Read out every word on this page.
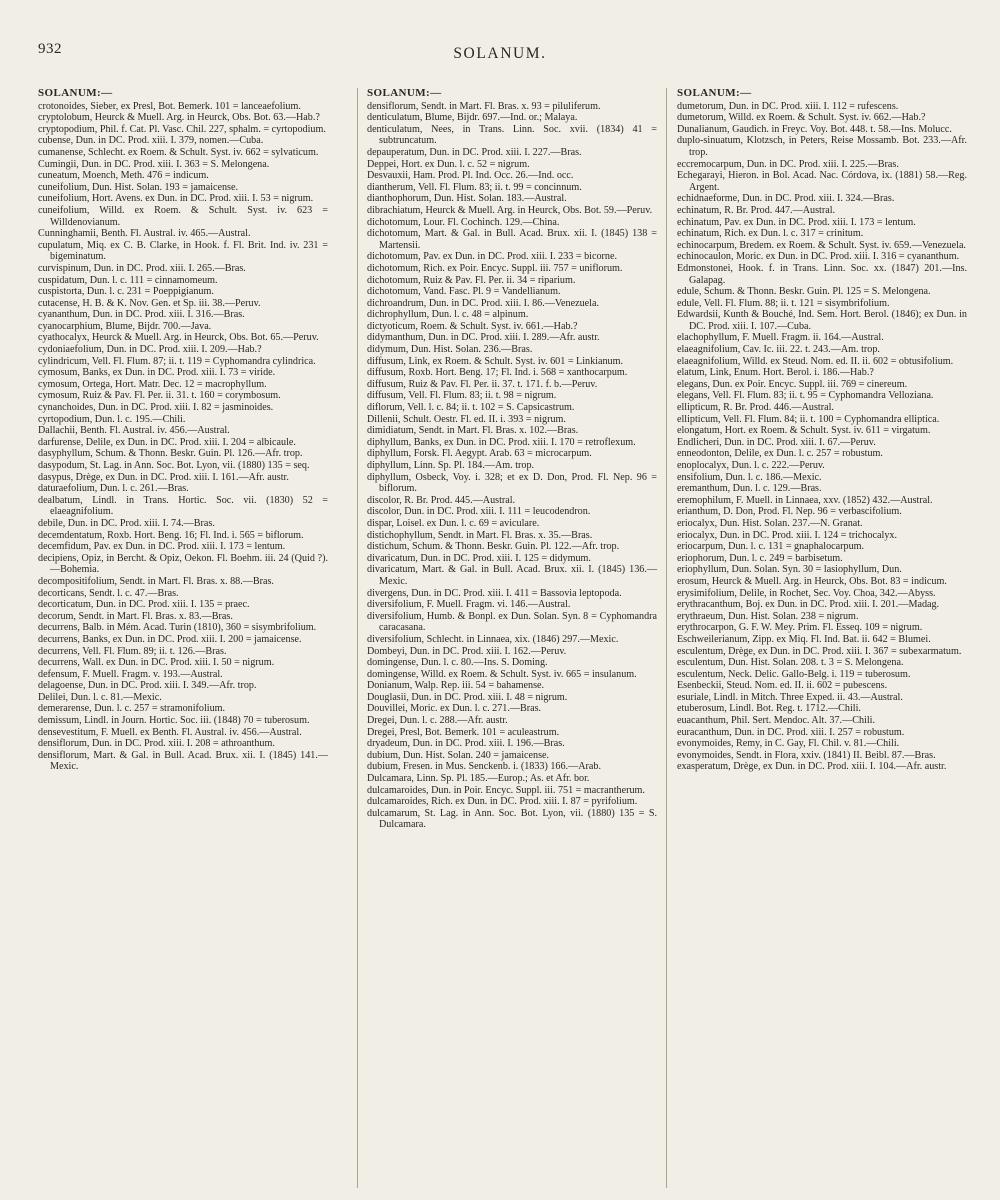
932	SOLANUM.
SOLANUM:—

crotonoides, Sieber, ex Presl, Bot. Bemerk. 101 = lanceaefolium.

cryptolobum, Heurck & Muell. Arg. in Heurck, Obs. Bot. 63.—Hab.?

cryptopodium, Phil. f. Cat. Pl. Vasc. Chil. 227, sphalm. = cyrtopodium.

cubense, Dun. in DC. Prod. xiii. I. 379, nomen.—Cuba.

cumanense, Schlecht. ex Roem. & Schult. Syst. iv. 662 = sylvaticum.

Cumingii, Dun. in DC. Prod. xiii. I. 363 = S. Melongena.

cuneatum, Moench, Meth. 476 = indicum.

cuneifolium, Dun. Hist. Solan. 193 = jamaicense.

cuneifolium, Hort. Avens. ex Dun. in DC. Prod. xiii. I. 53 = nigrum.

cuneifolium, Willd. ex Roem. & Schult. Syst. iv. 623 = Willdenovianum.

Cunninghamii, Benth. Fl. Austral. iv. 465.—Austral.

cupulatum, Miq. ex C. B. Clarke, in Hook. f. Fl. Brit. Ind. iv. 231 = bigeminatum.

curvispinum, Dun. in DC. Prod. xiii. I. 265.—Bras.

cuspidatum, Dun. l. c. 111 = cinnamomeum.

cuspistorta, Dun. l. c. 231 = Poeppigianum.

cutacense, H. B. & K. Nov. Gen. et Sp. iii. 38.—Peruv.

cyananthum, Dun. in DC. Prod. xiii. I. 316.—Bras.

cyanocarphium, Blume, Bijdr. 700.—Java.

cyathocalyx, Heurck & Muell. Arg. in Heurck, Obs. Bot. 65.—Peruv.

cydoniaefolium, Dun. in DC. Prod. xiii. I. 209.—Hab.?

cylindricum, Vell. Fl. Flum. 87; ii. t. 119 = Cyphomandra cylindrica.

cymosum, Banks, ex Dun. in DC. Prod. xiii. I. 73 = viride.

cymosum, Ortega, Hort. Matr. Dec. 12 = macrophyllum.

cymosum, Ruiz & Pav. Fl. Per. ii. 31. t. 160 = corymbosum.

cynanchoides, Dun. in DC. Prod. xiii. I. 82 = jasminoides.

cyrtopodium, Dun. l. c. 195.—Chili.

Dallachii, Benth. Fl. Austral. iv. 456.—Austral.

darfurense, Delile, ex Dun. in DC. Prod. xiii. I. 204 = albicaule.

dasyphyllum, Schum. & Thonn. Beskr. Guin. Pl. 126.—Afr. trop.

dasypodum, St. Lag. in Ann. Soc. Bot. Lyon, vii. (1880) 135 = seq.

dasypus, Drège, ex Dun. in DC. Prod. xiii. I. 161.—Afr. austr.

daturaefolium, Dun. l. c. 261.—Bras.

dealbatum, Lindl. in Trans. Hortic. Soc. vii. (1830) 52 = elaeagnifolium.

debile, Dun. in DC. Prod. xiii. I. 74.—Bras.

decemdentatum, Roxb. Hort. Beng. 16; Fl. Ind. i. 565 = biflorum.

decemfidum, Pav. ex Dun. in DC. Prod. xiii. I. 173 = lentum.

decipiens, Opiz, in Bercht. & Opiz, Oekon. Fl. Boehm. iii. 24 (Quid ?).—Bohemia.

decompositifolium, Sendt. in Mart. Fl. Bras. x. 88.—Bras.

decorticans, Sendt. l. c. 47.—Bras.

decorticatum, Dun. in DC. Prod. xiii. I. 135 = praec.

decorum, Sendt. in Mart. Fl. Bras. x. 83.—Bras.

decurrens, Balb. in Mém. Acad. Turin (1810), 360 = sisymbrifolium.

decurrens, Banks, ex Dun. in DC. Prod. xiii. I. 200 = jamaicense.

decurrens, Vell. Fl. Flum. 89; ii. t. 126.—Bras.

decurrens, Wall. ex Dun. in DC. Prod. xiii. I. 50 = nigrum.

defensum, F. Muell. Fragm. v. 193.—Austral.

delagoense, Dun. in DC. Prod. xiii. I. 349.—Afr. trop.

Delilei, Dun. l. c. 81.—Mexic.

demerarense, Dun. l. c. 257 = stramonifolium.

demissum, Lindl. in Journ. Hortic. Soc. iii. (1848) 70 = tuberosum.

densevestitum, F. Muell. ex Benth. Fl. Austral. iv. 456.—Austral.

densiflorum, Dun. in DC. Prod. xiii. I. 208 = athroanthum.

densiflorum, Mart. & Gal. in Bull. Acad. Brux. xii. I. (1845) 141.—Mexic.

SOLANUM:—

densiflorum, Sendt. in Mart. Fl. Bras. x. 93 = piluliferum.

denticulatum, Blume, Bijdr. 697.—Ind. or.; Malaya.

denticulatum, Nees, in Trans. Linn. Soc. xvii. (1834) 41 = subtruncatum.

depauperatum, Dun. in DC. Prod. xiii. I. 227.—Bras.

Deppei, Hort. ex Dun. l. c. 52 = nigrum.

Desvauxii, Ham. Prod. Pl. Ind. Occ. 26.—Ind. occ.

diantherum, Vell. Fl. Flum. 83; ii. t. 99 = concinnum.

dianthophorum, Dun. Hist. Solan. 183.—Austral.

dibrachiatum, Heurck & Muell. Arg. in Heurck, Obs. Bot. 59.—Peruv.

dichotomum, Lour. Fl. Cochinch. 129.—China.

dichotomum, Mart. & Gal. in Bull. Acad. Brux. xii. I. (1845) 138 = Martensii.

dichotomum, Pav. ex Dun. in DC. Prod. xiii. I. 233 = bicorne.

dichotomum, Rich. ex Poir. Encyc. Suppl. iii. 757 = uniflorum.

dichotomum, Ruiz & Pav. Fl. Per. ii. 34 = riparium.

dichotomum, Vand. Fasc. Pl. 9 = Vandellianum.

dichroandrum, Dun. in DC. Prod. xiii. I. 86.—Venezuela.

dichrophyllum, Dun. l. c. 48 = alpinum.

dictyoticum, Roem. & Schult. Syst. iv. 661.—Hab.?

didymanthum, Dun. in DC. Prod. xiii. I. 289.—Afr. austr.

didymum, Dun. Hist. Solan. 236.—Bras.

diffusum, Link, ex Roem. & Schult. Syst. iv. 601 = Linkianum.

diffusum, Roxb. Hort. Beng. 17; Fl. Ind. i. 568 = xanthocarpum.

diffusum, Ruiz & Pav. Fl. Per. ii. 37. t. 171. f. b.—Peruv.

diffusum, Vell. Fl. Flum. 83; ii. t. 98 = nigrum.

diflorum, Vell. l. c. 84; ii. t. 102 = S. Capsicastrum.

Dillenii, Schult. Oestr. Fl. ed. II. i. 393 = nigrum.

dimidiatum, Sendt. in Mart. Fl. Bras. x. 102.—Bras.

diphyllum, Banks, ex Dun. in DC. Prod. xiii. I. 170 = retroflexum.

diphyllum, Forsk. Fl. Aegypt. Arab. 63 = microcarpum.

diphyllum, Linn. Sp. Pl. 184.—Am. trop.

diphyllum, Osbeck, Voy. i. 328; et ex D. Don, Prod. Fl. Nep. 96 = biflorum.

discolor, R. Br. Prod. 445.—Austral.

discolor, Dun. in DC. Prod. xiii. I. 111 = leucodendron.

dispar, Loisel. ex Dun. l. c. 69 = aviculare.

distichophyllum, Sendt. in Mart. Fl. Bras. x. 35.—Bras.

distichum, Schum. & Thonn. Beskr. Guin. Pl. 122.—Afr. trop.

divaricatum, Dun. in DC. Prod. xiii. I. 125 = didymum.

divaricatum, Mart. & Gal. in Bull. Acad. Brux. xii. I. (1845) 136.—Mexic.

divergens, Dun. in DC. Prod. xiii. I. 411 = Bassovia leptopoda.

diversifolium, F. Muell. Fragm. vi. 146.—Austral.

diversifolium, Humb. & Bonpl. ex Dun. Solan. Syn. 8 = Cyphomandra caracasana.

diversifolium, Schlecht. in Linnaea, xix. (1846) 297.—Mexic.

Dombeyi, Dun. in DC. Prod. xiii. I. 162.—Peruv.

domingense, Dun. l. c. 80.—Ins. S. Doming.

domingense, Willd. ex Roem. & Schult. Syst. iv. 665 = insulanum.

Donianum, Walp. Rep. iii. 54 = bahamense.

Douglasii, Dun. in DC. Prod. xiii. I. 48 = nigrum.

Douvillei, Moric. ex Dun. l. c. 271.—Bras.

Dregei, Dun. l. c. 288.—Afr. austr.

Dregei, Presl, Bot. Bemerk. 101 = aculeastrum.

dryadeum, Dun. in DC. Prod. xiii. I. 196.—Bras.

dubium, Dun. Hist. Solan. 240 = jamaicense.

dubium, Fresen. in Mus. Senckenb. i. (1833) 166.—Arab.

Dulcamara, Linn. Sp. Pl. 185.—Europ.; As. et Afr. bor.

dulcamaroides, Dun. in Poir. Encyc. Suppl. iii. 751 = macrantherum.

dulcamaroides, Rich. ex Dun. in DC. Prod. xiii. I. 87 = pyrifolium.

dulcamarum, St. Lag. in Ann. Soc. Bot. Lyon, vii. (1880) 135 = S. Dulcamara.

SOLANUM:—

dumetorum, Dun. in DC. Prod. xiii. I. 112 = rufescens.

dumetorum, Willd. ex Roem. & Schult. Syst. iv. 662.—Hab.?

Dunalianum, Gaudich. in Freyc. Voy. Bot. 448. t. 58.—Ins. Molucc.

duplo-sinuatum, Klotzsch, in Peters, Reise Mossamb. Bot. 233.—Afr. trop.

eccremocarpum, Dun. in DC. Prod. xiii. I. 225.—Bras.

Echegarayi, Hieron. in Bol. Acad. Nac. Córdova, ix. (1881) 58.—Reg. Argent.

echidnaeforme, Dun. in DC. Prod. xiii. I. 324.—Bras.

echinatum, R. Br. Prod. 447.—Austral.

echinatum, Pav. ex Dun. in DC. Prod. xiii. I. 173 = lentum.

echinatum, Rich. ex Dun. l. c. 317 = crinitum.

echinocarpum, Bredem. ex Roem. & Schult. Syst. iv. 659.—Venezuela.

echinocaulon, Moric. ex Dun. in DC. Prod. xiii. I. 316 = cyananthum.

Edmonstonei, Hook. f. in Trans. Linn. Soc. xx. (1847) 201.—Ins. Galapag.

edule, Schum. & Thonn. Beskr. Guin. Pl. 125 = S. Melongena.

edule, Vell. Fl. Flum. 88; ii. t. 121 = sisymbrifolium.

Edwardsii, Kunth & Bouché, Ind. Sem. Hort. Berol. (1846); ex Dun. in DC. Prod. xiii. I. 107.—Cuba.

elachophyllum, F. Muell. Fragm. ii. 164.—Austral.

elaeagnifolium, Cav. Ic. iii. 22. t. 243.—Am. trop.

elaeagnifolium, Willd. ex Steud. Nom. ed. II. ii. 602 = obtusifolium.

elatum, Link, Enum. Hort. Berol. i. 186.—Hab.?

elegans, Dun. ex Poir. Encyc. Suppl. iii. 769 = cinereum.

elegans, Vell. Fl. Flum. 83; ii. t. 95 = Cyphomandra Velloziana.

ellipticum, R. Br. Prod. 446.—Austral.

ellipticum, Vell. Fl. Flum. 84; ii. t. 100 = Cyphomandra elliptica.

elongatum, Hort. ex Roem. & Schult. Syst. iv. 611 = virgatum.

Endlicheri, Dun. in DC. Prod. xiii. I. 67.—Peruv.

enneodonton, Delile, ex Dun. l. c. 257 = robustum.

enoplocalyx, Dun. l. c. 222.—Peruv.

ensifolium, Dun. l. c. 186.—Mexic.

eremanthum, Dun. l. c. 129.—Bras.

eremophilum, F. Muell. in Linnaea, xxv. (1852) 432.—Austral.

erianthum, D. Don, Prod. Fl. Nep. 96 = verbascifolium.

eriocalyx, Dun. Hist. Solan. 237.—N. Granat.

eriocalyx, Dun. in DC. Prod. xiii. I. 124 = trichocalyx.

eriocarpum, Dun. l. c. 131 = gnaphalocarpum.

eriophorum, Dun. l. c. 249 = barbisetum.

eriophyllum, Dun. Solan. Syn. 30 = lasiophyllum, Dun.

erosum, Heurck & Muell. Arg. in Heurck, Obs. Bot. 83 = indicum.

erysimifolium, Delile, in Rochet, Sec. Voy. Choa, 342.—Abyss.

erythracanthum, Boj. ex Dun. in DC. Prod. xiii. I. 201.—Madag.

erythraeum, Dun. Hist. Solan. 238 = nigrum.

erythrocarpon, G. F. W. Mey. Prim. Fl. Esseq. 109 = nigrum.

Eschweilerianum, Zipp. ex Miq. Fl. Ind. Bat. ii. 642 = Blumei.

esculentum, Drège, ex Dun. in DC. Prod. xiii. I. 367 = subexarmatum.

esculentum, Dun. Hist. Solan. 208. t. 3 = S. Melongena.

esculentum, Neck. Delic. Gallo-Belg. i. 119 = tuberosum.

Esenbeckii, Steud. Nom. ed. II. ii. 602 = pubescens.

esuriale, Lindl. in Mitch. Three Exped. ii. 43.—Austral.

etuberosum, Lindl. Bot. Reg. t. 1712.—Chili.

euacanthum, Phil. Sert. Mendoc. Alt. 37.—Chili.

euracanthum, Dun. in DC. Prod. xiii. I. 257 = robustum.

evonymoides, Remy, in C. Gay, Fl. Chil. v. 81.—Chili.

evonymoides, Sendt. in Flora, xxiv. (1841) II. Beibl. 87.—Bras.

exasperatum, Drège, ex Dun. in DC. Prod. xiii. I. 104.—Afr. austr.
